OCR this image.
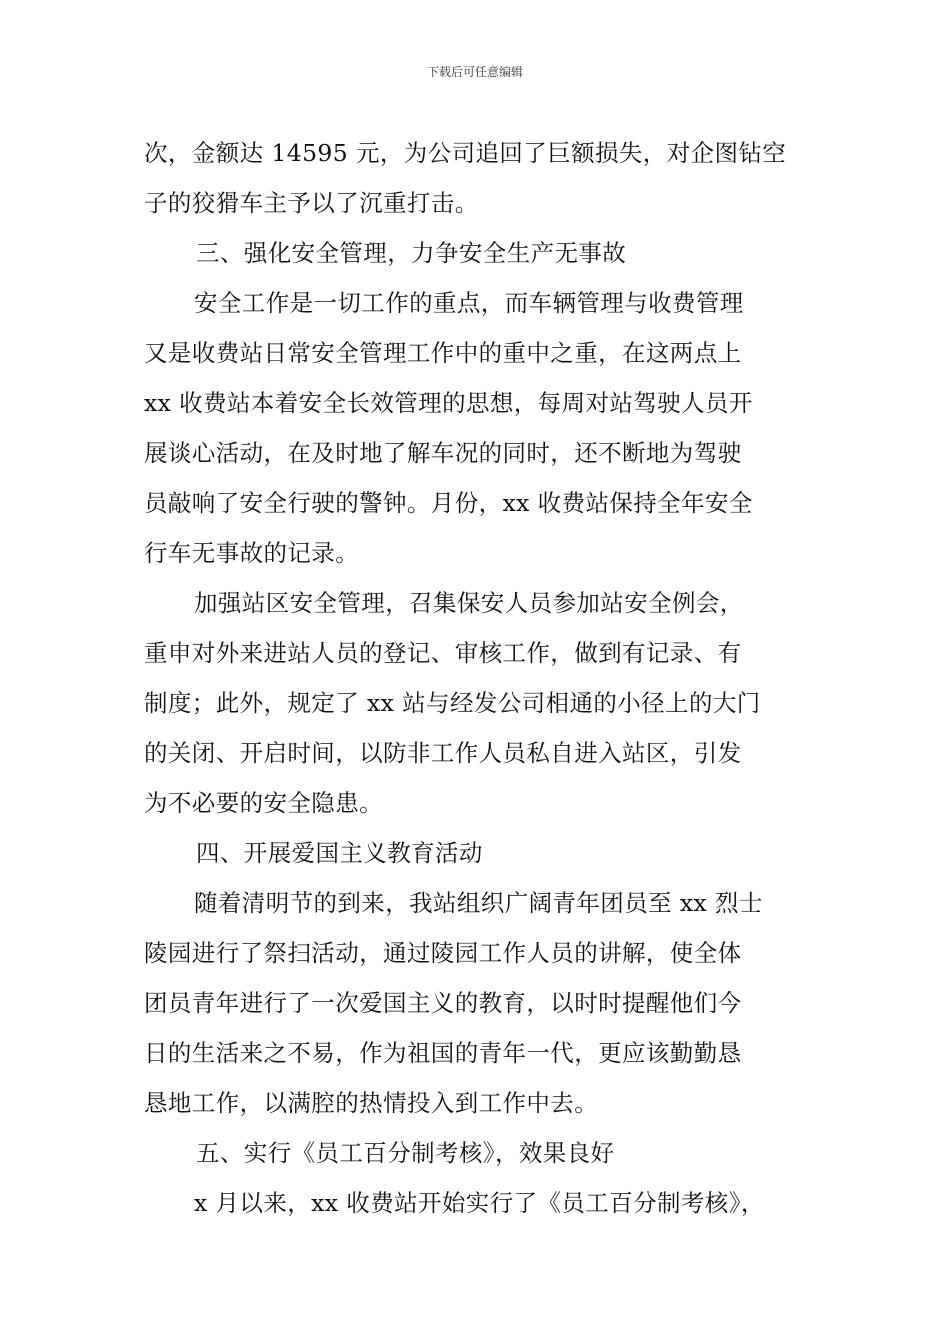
下载后可任意编辑
次，金额达 14595 元，为公司追回了巨额损失，对企图钻空
子的狡猾车主予以了沉重打击。
三、强化安全管理，力争安全生产无事故
安全工作是一切工作的重点，而车辆管理与收费管理
又是收费站日常安全管理工作中的重中之重，在这两点上
xx 收费站本着安全长效管理的思想，每周对站驾驶人员开
展谈心活动，在及时地了解车况的同时，还不断地为驾驶
员敲响了安全行驶的警钟。月份，xx 收费站保持全年安全
行车无事故的记录。
加强站区安全管理，召集保安人员参加站安全例会，
重申对外来进站人员的登记、审核工作，做到有记录、有
制度；此外，规定了 xx 站与经发公司相通的小径上的大门
的关闭、开启时间，以防非工作人员私自进入站区，引发
为不必要的安全隐患。
四、开展爱国主义教育活动
随着清明节的到来，我站组织广阔青年团员至 xx 烈士
陵园进行了祭扫活动，通过陵园工作人员的讲解，使全体
团员青年进行了一次爱国主义的教育，以时时提醒他们今
日的生活来之不易，作为祖国的青年一代，更应该勤勤恳
恳地工作，以满腔的热情投入到工作中去。
五、实行《员工百分制考核》，效果良好
x 月以来，xx 收费站开始实行了《员工百分制考核》，
